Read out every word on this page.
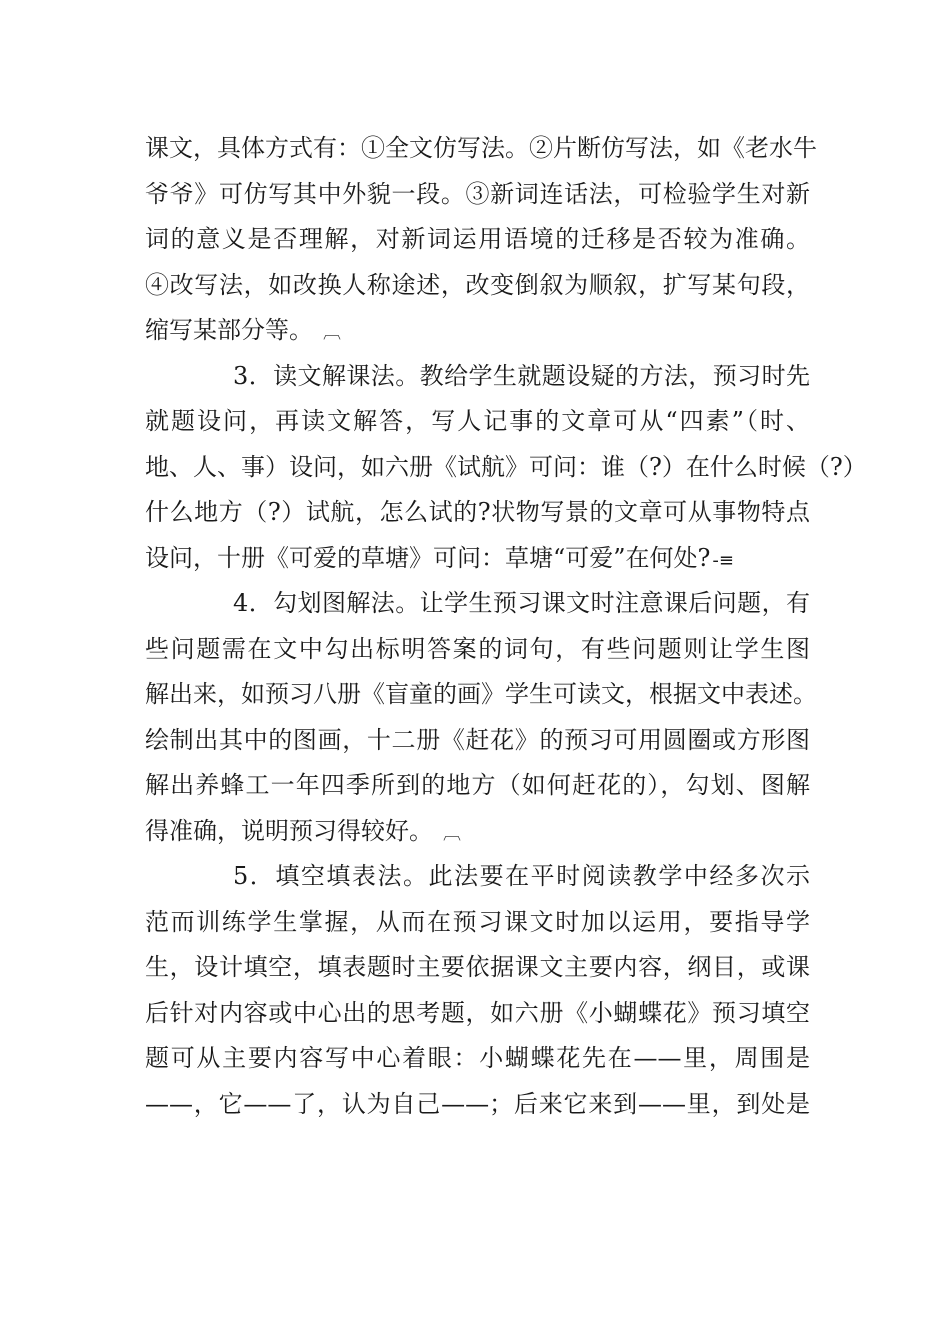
课文，具体方式有：①全文仿写法。②片断仿写法，如《老水牛
爷爷》可仿写其中外貌一段。③新词连话法，可检验学生对新
词的意义是否理解，对新词运用语境的迁移是否较为准确。
④改写法，如改换人称途述，改变倒叙为顺叙，扩写某句段，
缩写某部分等。 ︹
3．读文解课法。教给学生就题设疑的方法，预习时先
就题设问，再读文解答，写人记事的文章可从“四素”（时、
地、人、事）设问，如六册《试航》可问：谁（?）在什么时候（?）
什么地方（?）试航，怎么试的?状物写景的文章可从事物特点
设问，十册《可爱的草塘》可问：草塘“可爱”在何处? -≡
4．勾划图解法。让学生预习课文时注意课后问题，有
些问题需在文中勾出标明答案的词句，有些问题则让学生图
解出来，如预习八册《盲童的画》学生可读文，根据文中表述。
绘制出其中的图画，十二册《赶花》的预习可用圆圈或方形图
解出养蜂工一年四季所到的地方（如何赶花的），勾划、图解
得准确，说明预习得较好。 ︹
5．填空填表法。此法要在平时阅读教学中经多次示
范而训练学生掌握，从而在预习课文时加以运用，要指导学
生，设计填空，填表题时主要依据课文主要内容，纲目，或课
后针对内容或中心出的思考题，如六册《小蝴蝶花》预习填空
题可从主要内容写中心着眼：小蝴蝶花先在——里，周围是
——，它——了，认为自己——；后来它来到——里，到处是
